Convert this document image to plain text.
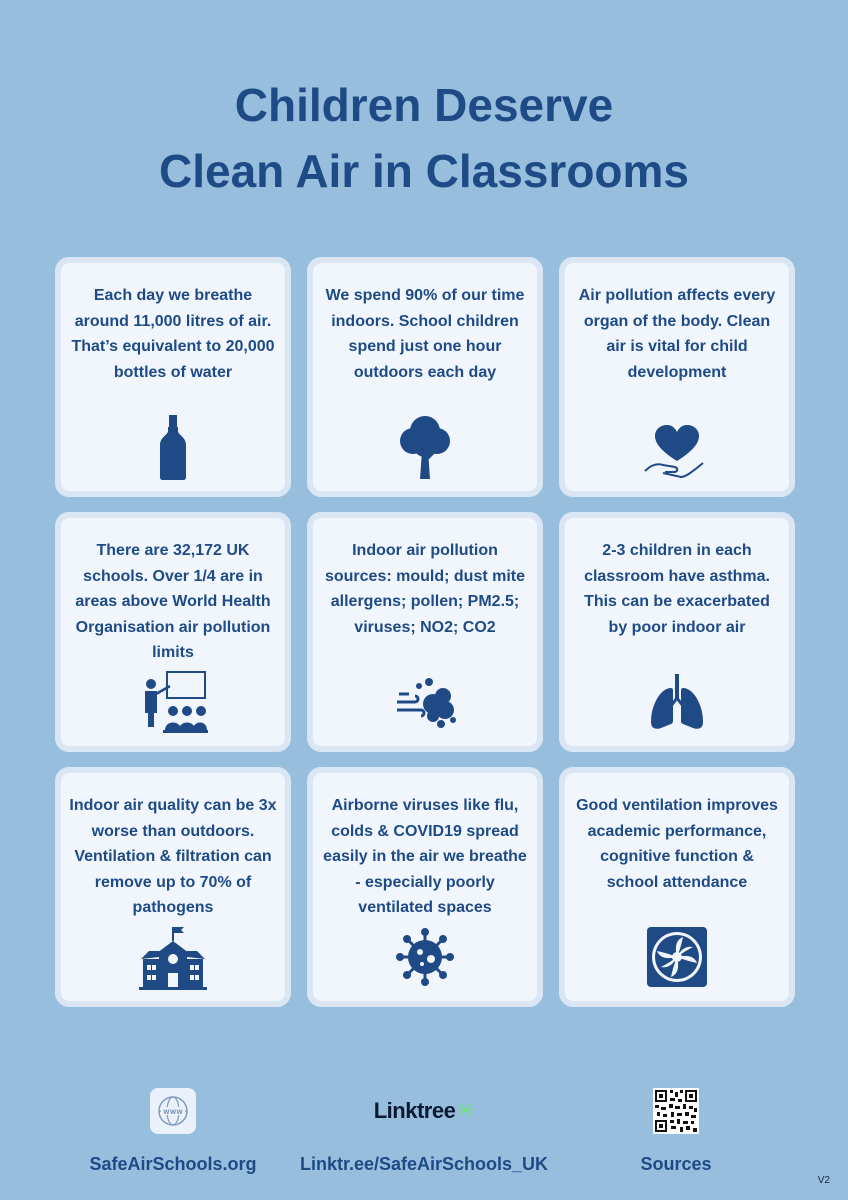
Children Deserve
Clean Air in Classrooms

Each day we breathe around 11,000 litres of air. That’s equivalent to 20,000 bottles of water

We spend 90% of our time indoors. School children spend just one hour outdoors each day

Air pollution affects every organ of the body. Clean air is vital for child development

There are 32,172 UK schools. Over 1/4 are in areas above World Health Organisation air pollution limits

Indoor air pollution sources: mould; dust mite allergens; pollen; PM2.5; viruses; NO2; CO2

2-3 children in each classroom have asthma. This can be exacerbated by poor indoor air

Indoor air quality can be 3x worse than outdoors. Ventilation & filtration can remove up to 70% of pathogens

Airborne viruses like flu, colds & COVID19 spread easily in the air we breathe - especially poorly ventilated spaces

Good ventilation improves academic performance, cognitive function & school attendance

www
SafeAirSchools.org
Linktree ✳
Linktr.ee/SafeAirSchools_UK	Sources
V2
